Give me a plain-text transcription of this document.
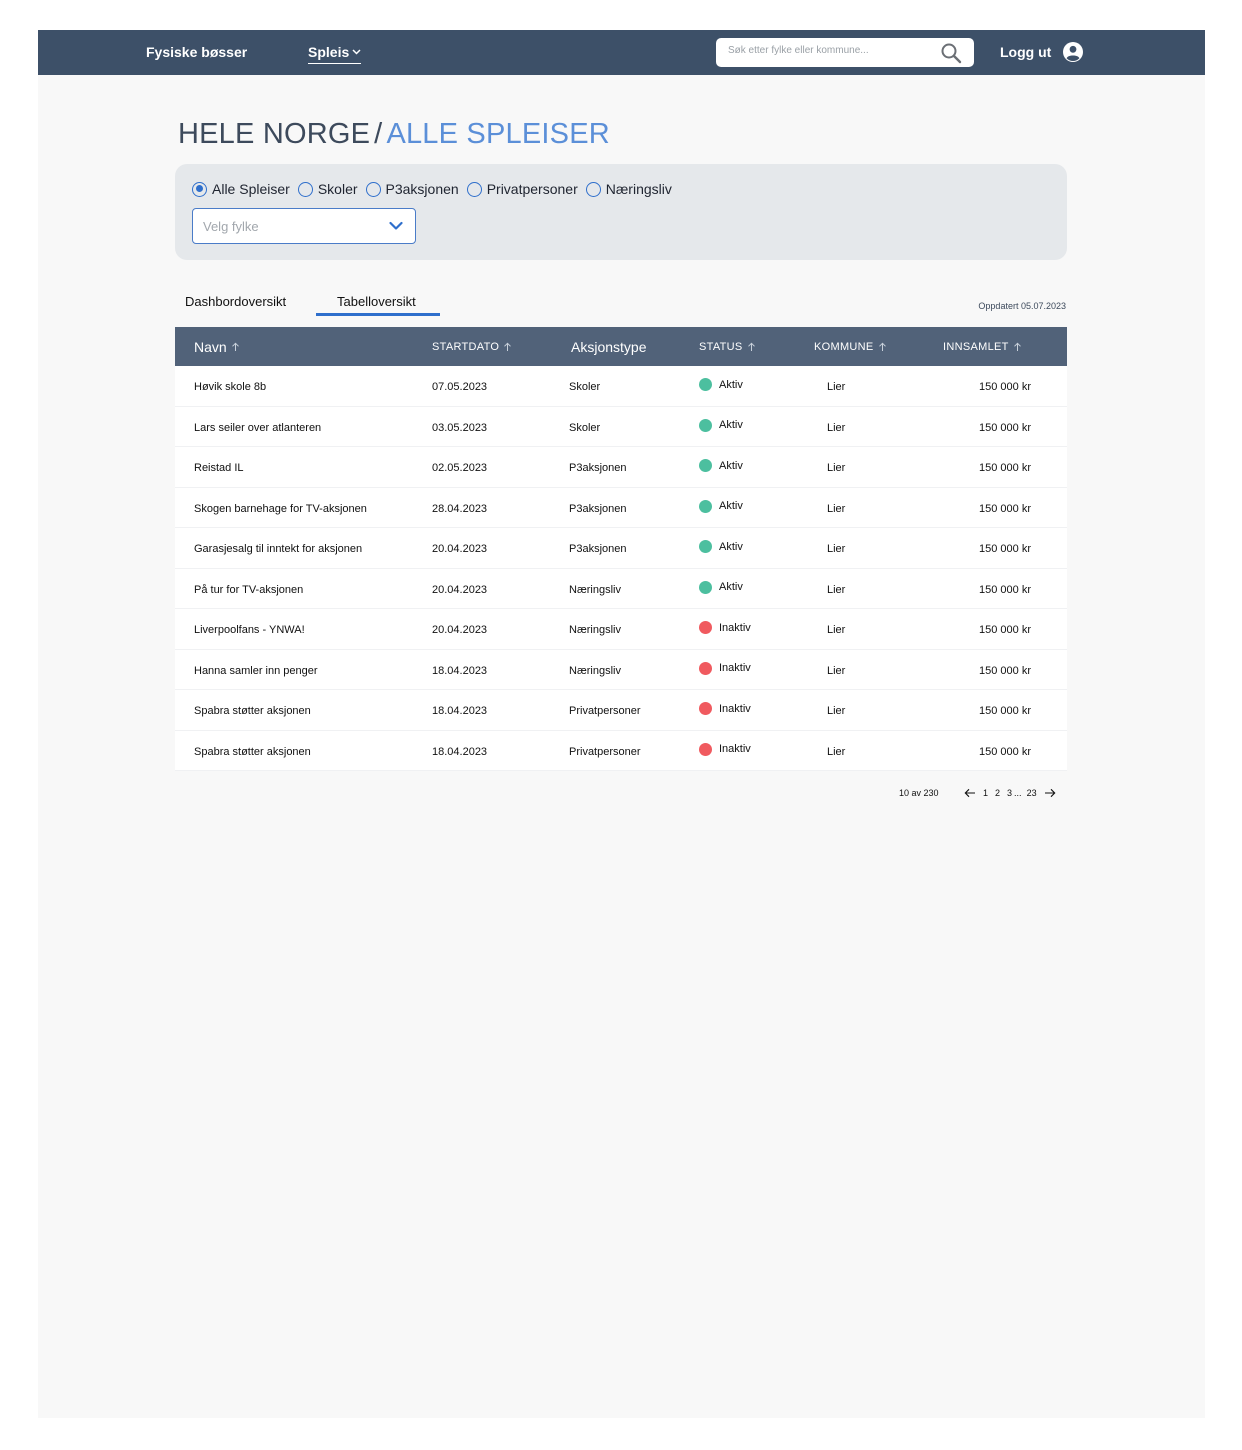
Fysiske bøsser	Spleis
Søk etter fylke eller kommune...	Logg ut
HELE NORGE / ALLE SPLEISER
Alle Spleiser Skoler P3aksjonen Privatpersoner Næringsliv
Velg fylke
Dashbordoversikt	Tabelloversikt	Oppdatert 05.07.2023
Navn	STARTDATO	Aksjonstype	STATUS	KOMMUNE	INNSAMLET
Høvik skole 8b	07.05.2023	Skoler	Aktiv	Lier	150 000 kr
Lars seiler over atlanteren	03.05.2023	Skoler	Aktiv	Lier	150 000 kr
Reistad IL	02.05.2023	P3aksjonen	Aktiv	Lier	150 000 kr
Skogen barnehage for TV-aksjonen	28.04.2023	P3aksjonen	Aktiv	Lier	150 000 kr
Garasjesalg til inntekt for aksjonen	20.04.2023	P3aksjonen	Aktiv	Lier	150 000 kr
På tur for TV-aksjonen	20.04.2023	Næringsliv	Aktiv	Lier	150 000 kr
Liverpoolfans - YNWA!	20.04.2023	Næringsliv	Inaktiv	Lier	150 000 kr
Hanna samler inn penger	18.04.2023	Næringsliv	Inaktiv	Lier	150 000 kr
Spabra støtter aksjonen	18.04.2023	Privatpersoner	Inaktiv	Lier	150 000 kr
Spabra støtter aksjonen	18.04.2023	Privatpersoner	Inaktiv	Lier	150 000 kr
10 av 230	1 2 3 ... 23
